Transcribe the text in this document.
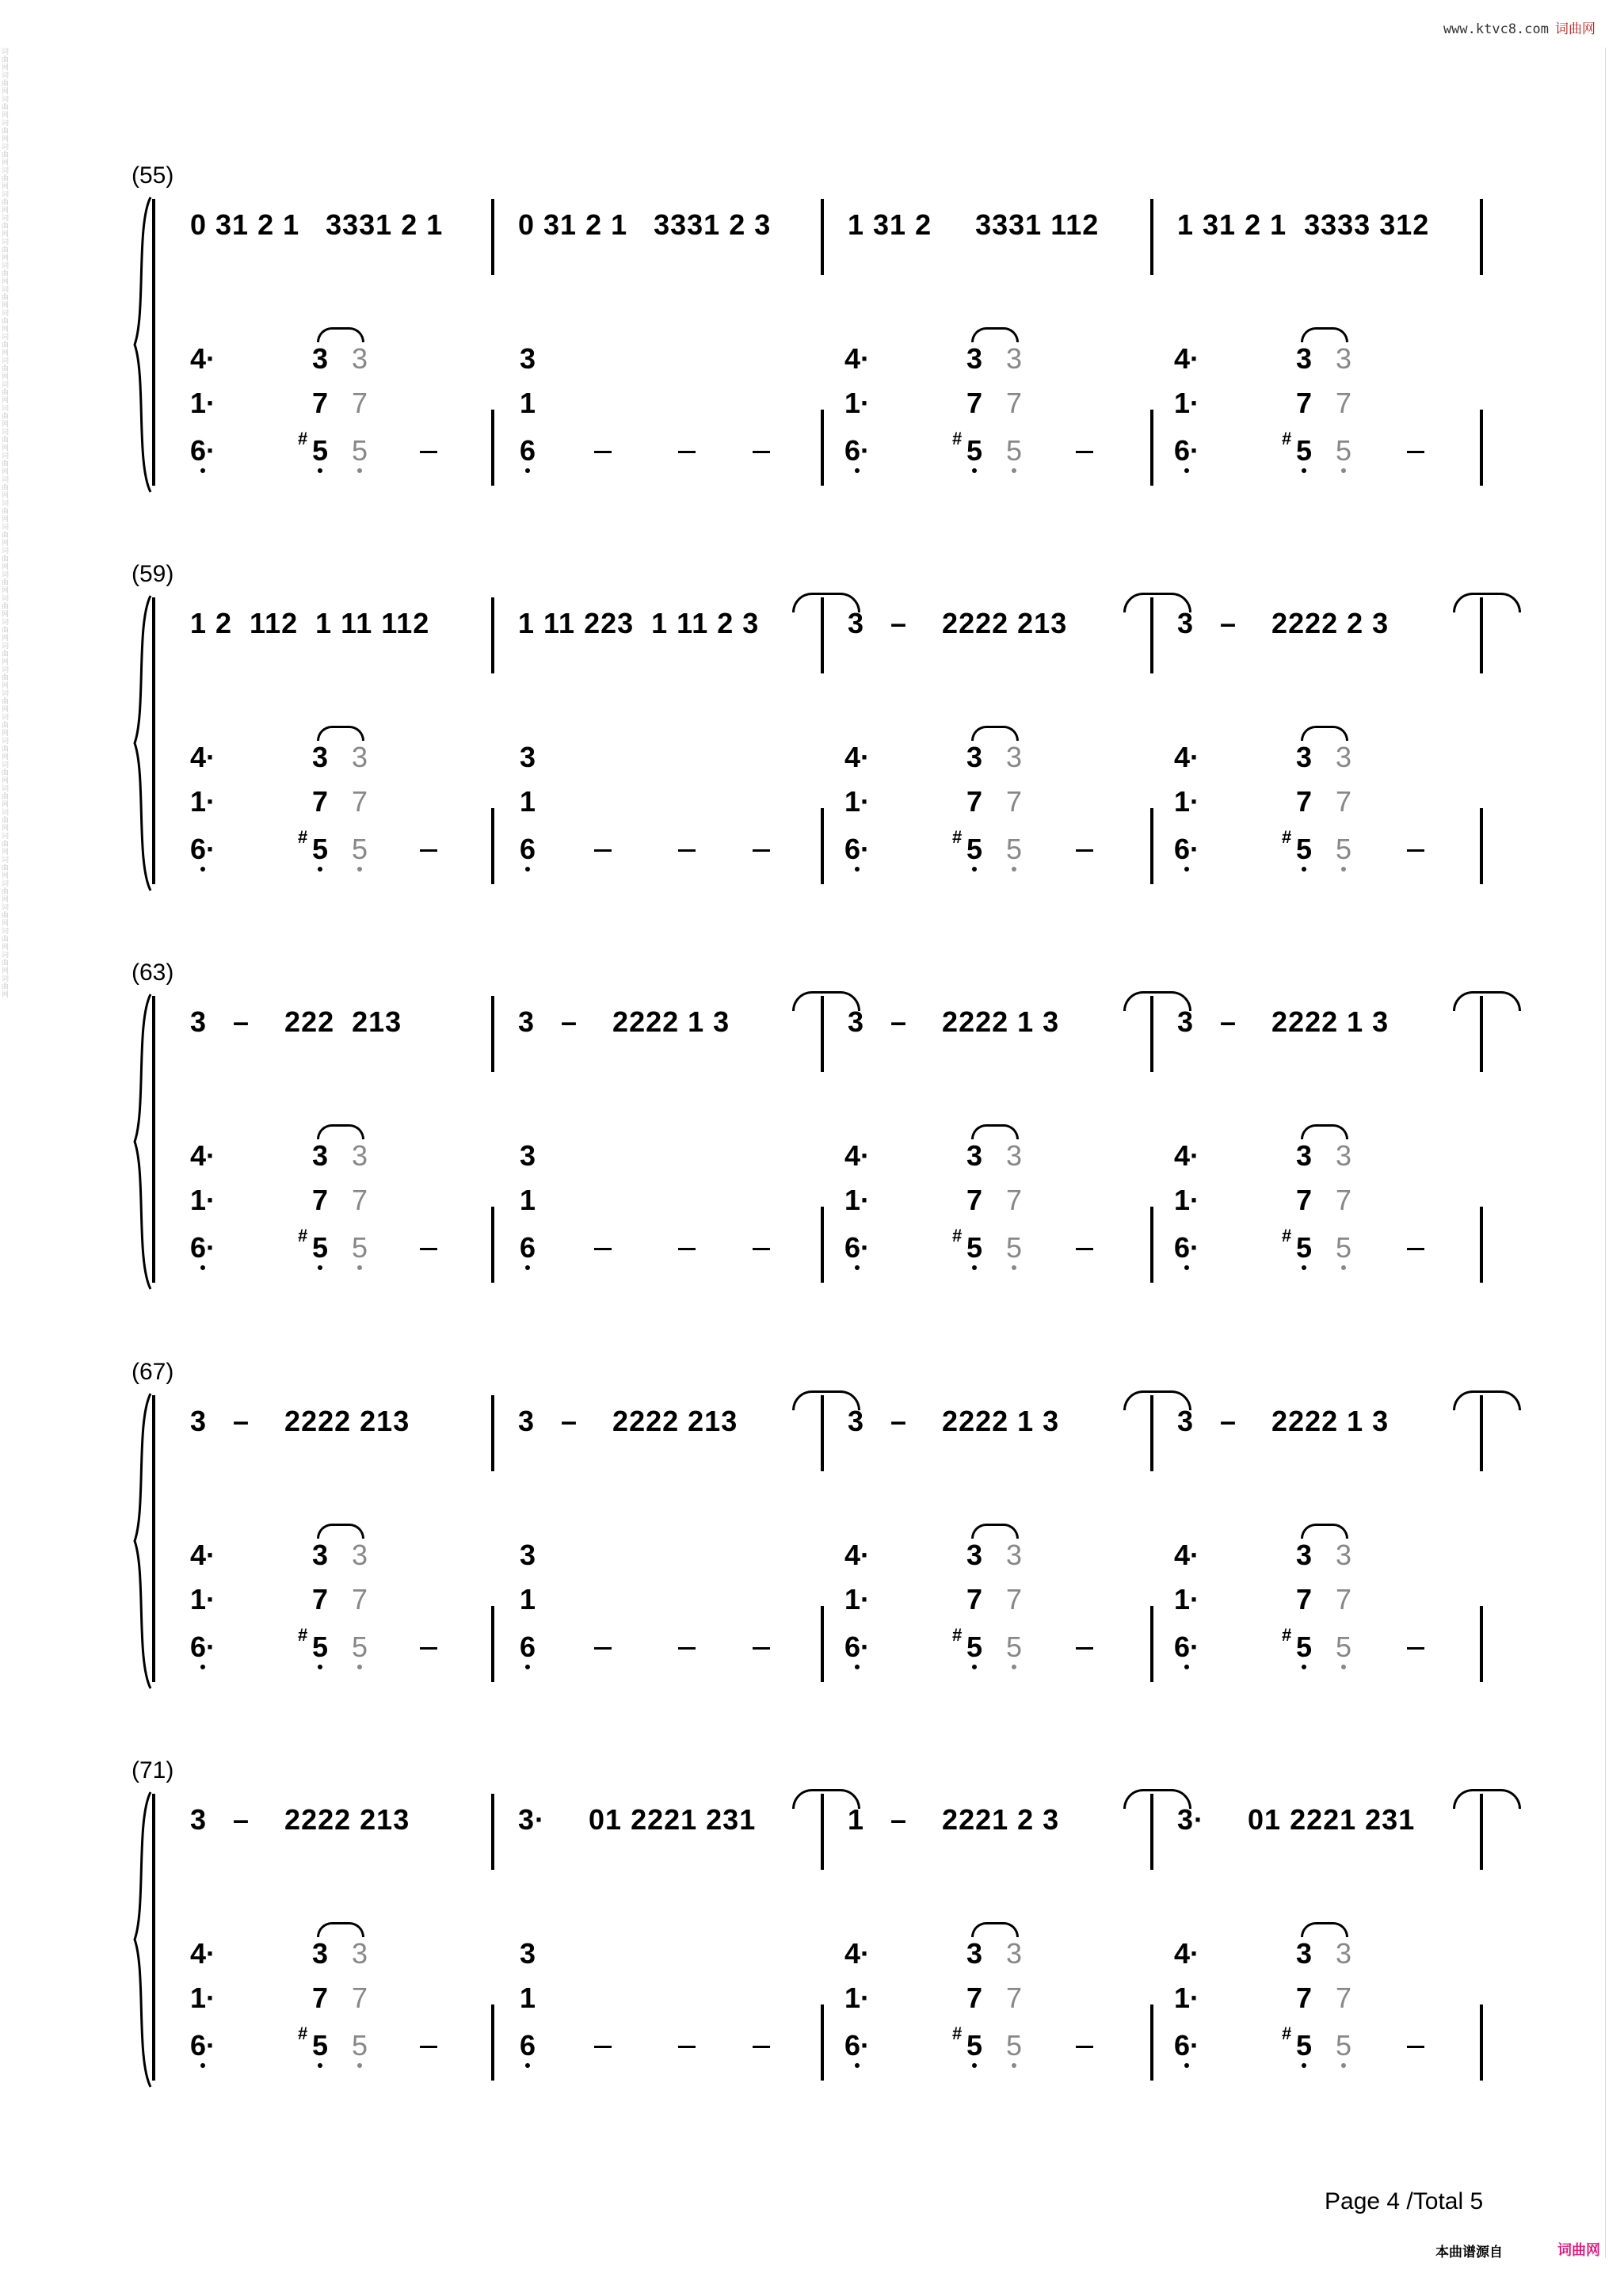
词曲网词曲网词曲网词曲网词曲网词曲网词曲网词曲网词曲网词曲网词曲网词曲网词曲网词曲网词曲网词曲网词曲网词曲网词曲网词曲网词曲网词曲网词曲网词曲网词曲网词曲网词曲网词曲网词曲网词曲网词曲网词曲网词曲网词曲网词曲网词曲网词曲网词曲网词曲网词曲网
www.ktvc8.com 词曲网
(55)
0 31 2 1   3331 2 1	0 31 2 1   3331 2 3	1 31 2     3331 112	1 31 2 1  3333 312
4·
1·
6·
3
7
5
#
3
7
5
3
1
6
4·
1·
6·
3
7
5
#
3
7
5
4·
1·
6·
3
7
5
#
3
7
5
(59)
1 2  112  1 11 112	1 11 223  1 11 2 3	3   –    2222 213	3   –    2222 2 3
4·
1·
6·
3
7
5
#
3
7
5
3
1
6
4·
1·
6·
3
7
5
#
3
7
5
4·
1·
6·
3
7
5
#
3
7
5
(63)
3   –    222  213	3   –    2222 1 3	3   –    2222 1 3	3   –    2222 1 3
4·
1·
6·
3
7
5
#
3
7
5
3
1
6
4·
1·
6·
3
7
5
#
3
7
5
4·
1·
6·
3
7
5
#
3
7
5
(67)
3   –    2222 213	3   –    2222 213	3   –    2222 1 3	3   –    2222 1 3
4·
1·
6·
3
7
5
#
3
7
5
3
1
6
4·
1·
6·
3
7
5
#
3
7
5
4·
1·
6·
3
7
5
#
3
7
5
(71)
3   –    2222 213	3·     01 2221 231	1   –    2221 2 3	3·     01 2221 231
4·
1·
6·
3
7
5
#
3
7
5
3
1
6
4·
1·
6·
3
7
5
#
3
7
5
4·
1·
6·
3
7
5
#
3
7
5
Page 4 /Total 5
本曲谱源自	词曲网
